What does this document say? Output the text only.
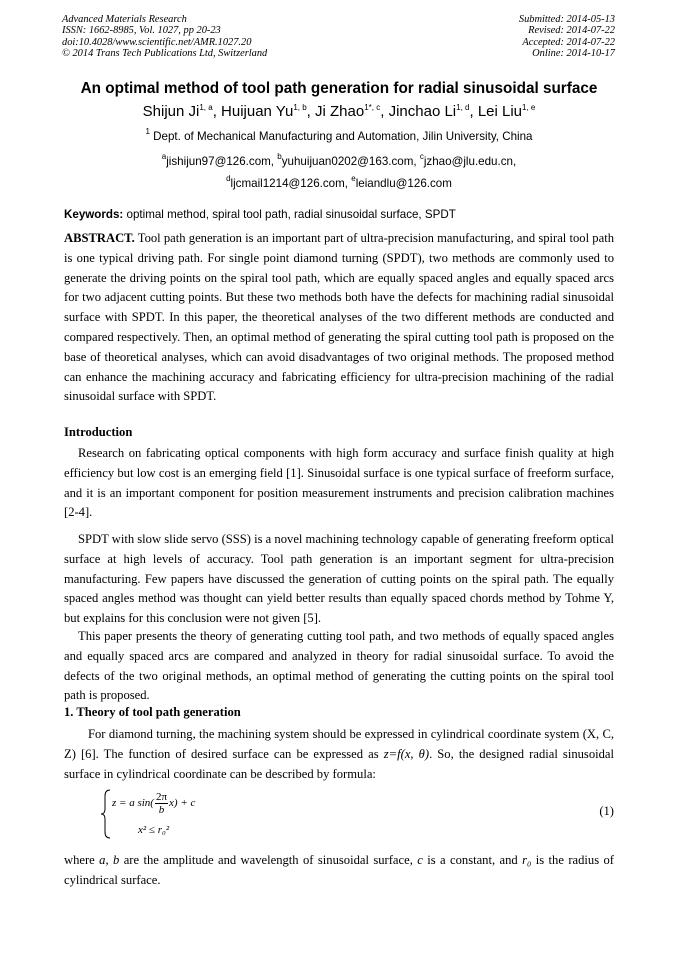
Advanced Materials Research
ISSN: 1662-8985, Vol. 1027, pp 20-23
doi:10.4028/www.scientific.net/AMR.1027.20
© 2014 Trans Tech Publications Ltd, Switzerland
Submitted: 2014-05-13
Revised: 2014-07-22
Accepted: 2014-07-22
Online: 2014-10-17
An optimal method of tool path generation for radial sinusoidal surface
Shijun Ji$^{1, a}$, Huijuan Yu$^{1, b}$, Ji Zhao$^{1*, c}$, Jinchao Li$^{1, d}$, Lei Liu$^{1, e}$
$^1$ Dept. of Mechanical Manufacturing and Automation, Jilin University, China
$^a$jishijun97@126.com, $^b$yuhuijuan0202@163.com, $^c$jzhao@jlu.edu.cn,
$^d$ljcmail1214@126.com, $^e$leiandlu@126.com
Keywords: optimal method, spiral tool path, radial sinusoidal surface, SPDT
ABSTRACT. Tool path generation is an important part of ultra-precision manufacturing, and spiral tool path is one typical driving path. For single point diamond turning (SPDT), two methods are commonly used to generate the driving points on the spiral tool path, which are equally spaced angles and equally spaced arcs for two adjacent cutting points. But these two methods both have the defects for machining radial sinusoidal surface with SPDT. In this paper, the theoretical analyses of the two different methods are conducted and compared respectively. Then, an optimal method of generating the spiral cutting tool path is proposed on the base of theoretical analyses, which can avoid disadvantages of two original methods. The proposed method can enhance the machining accuracy and fabricating efficiency for ultra-precision machining of the radial sinusoidal surface with SPDT.
Introduction
Research on fabricating optical components with high form accuracy and surface finish quality at high efficiency but low cost is an emerging field [1]. Sinusoidal surface is one typical surface of freeform surface, and it is an important component for position measurement instruments and precision calibration machines [2-4].
SPDT with slow slide servo (SSS) is a novel machining technology capable of generating freeform optical surface at high levels of accuracy. Tool path generation is an important segment for ultra-precision manufacturing. Few papers have discussed the generation of cutting points on the spiral path. The equally spaced angles method was thought can yield better results than equally spaced chords method by Tohme Y, but explains for this conclusion were not given [5].
This paper presents the theory of generating cutting tool path, and two methods of equally spaced angles and equally spaced arcs are compared and analyzed in theory for radial sinusoidal surface. To avoid the defects of the two original methods, an optimal method of generating the cutting points on the spiral tool path is proposed.
1. Theory of tool path generation
For diamond turning, the machining system should be expressed in cylindrical coordinate system (X, C, Z) [6]. The function of desired surface can be expressed as z=f(x, θ). So, the designed radial sinusoidal surface in cylindrical coordinate can be described by formula:
z = a $\sin( \frac{2\pi}{b} x) + c$
x² ≤ r₀²
(1)
where a, b are the amplitude and wavelength of sinusoidal surface, c is a constant, and r₀ is the radius of cylindrical surface.
